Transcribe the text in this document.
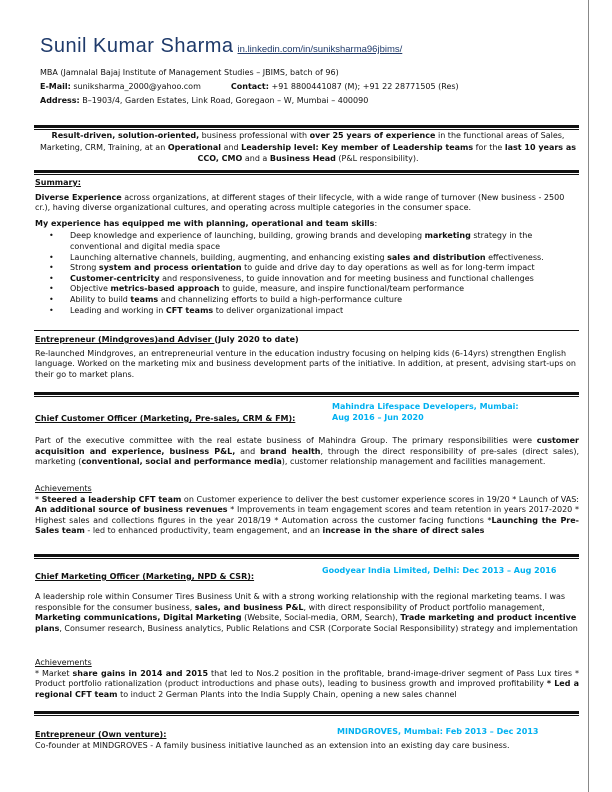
Sunil Kumar Sharma in.linkedin.com/in/suniksharma96jbims/
MBA (Jamnalal Bajaj Institute of Management Studies – JBIMS, batch of 96)
E-Mail: suniksharma_2000@yahoo.com	Contact: +91 8800441087 (M); +91 22 28771505 (Res)
Address: B–1903/4, Garden Estates, Link Road, Goregaon – W, Mumbai – 400090
Result-driven, solution-oriented, business professional with over 25 years of experience in the functional areas of Sales, Marketing, CRM, Training, at an Operational and Leadership level: Key member of Leadership teams for the last 10 years as CCO, CMO and a Business Head (P&L responsibility).
Summary:
Diverse Experience across organizations, at different stages of their lifecycle, with a wide range of turnover (New business - 2500 cr.), having diverse organizational cultures, and operating across multiple categories in the consumer space.
My experience has equipped me with planning, operational and team skills:
• Deep knowledge and experience of launching, building, growing brands and developing marketing strategy in the conventional and digital media space
• Launching alternative channels, building, augmenting, and enhancing existing sales and distribution effectiveness.
• Strong system and process orientation to guide and drive day to day operations as well as for long-term impact
• Customer-centricity and responsiveness, to guide innovation and for meeting business and functional challenges
• Objective metrics-based approach to guide, measure, and inspire functional/team performance
• Ability to build teams and channelizing efforts to build a high-performance culture
• Leading and working in CFT teams to deliver organizational impact
Entrepreneur (Mindgroves)and Adviser (July 2020 to date)
Re-launched Mindgroves, an entrepreneurial venture in the education industry focusing on helping kids (6-14yrs) strengthen English language. Worked on the marketing mix and business development parts of the initiative. In addition, at present, advising start-ups on their go to market plans.
Chief Customer Officer (Marketing, Pre-sales, CRM & FM):
Mahindra Lifespace Developers, Mumbai: Aug 2016 – Jun 2020
Part of the executive committee with the real estate business of Mahindra Group. The primary responsibilities were customer acquisition and experience, business P&L, and brand health, through the direct responsibility of pre-sales (direct sales), marketing (conventional, social and performance media), customer relationship management and facilities management.
Achievements
* Steered a leadership CFT team on Customer experience to deliver the best customer experience scores in 19/20 * Launch of VAS: An additional source of business revenues * Improvements in team engagement scores and team retention in years 2017-2020 * Highest sales and collections figures in the year 2018/19 * Automation across the customer facing functions *Launching the Pre-Sales team - led to enhanced productivity, team engagement, and an increase in the share of direct sales
Chief Marketing Officer (Marketing, NPD & CSR):
Goodyear India Limited, Delhi: Dec 2013 – Aug 2016
A leadership role within Consumer Tires Business Unit & with a strong working relationship with the regional marketing teams. I was responsible for the consumer business, sales, and business P&L, with direct responsibility of Product portfolio management, Marketing communications, Digital Marketing (Website, Social-media, ORM, Search), Trade marketing and product incentive plans, Consumer research, Business analytics, Public Relations and CSR (Corporate Social Responsibility) strategy and implementation
Achievements
* Market share gains in 2014 and 2015 that led to Nos.2 position in the profitable, brand-image-driver segment of Pass Lux tires * Product portfolio rationalization (product introductions and phase outs), leading to business growth and improved profitability * Led a regional CFT team to induct 2 German Plants into the India Supply Chain, opening a new sales channel
Entrepreneur (Own venture):	MINDGROVES, Mumbai: Feb 2013 – Dec 2013
Co-founder at MINDGROVES - A family business initiative launched as an extension into an existing day care business.
